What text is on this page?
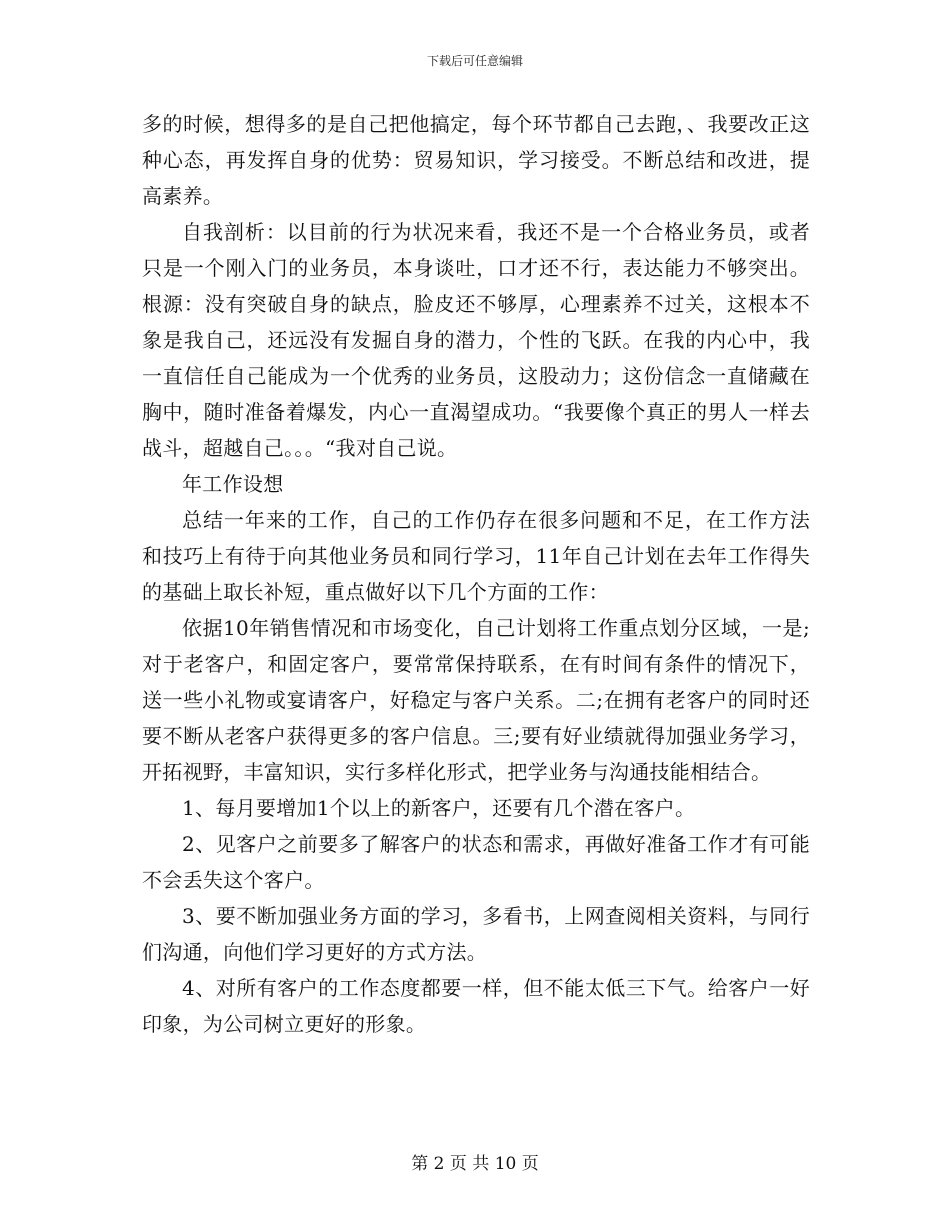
下载后可任意编辑

多的时候，想得多的是自己把他搞定，每个环节都自己去跑，、我要改正这种心态，再发挥自身的优势：贸易知识，学习接受。不断总结和改进，提高素养。

自我剖析：以目前的行为状况来看，我还不是一个合格业务员，或者只是一个刚入门的业务员，本身谈吐，口才还不行，表达能力不够突出。根源：没有突破自身的缺点，脸皮还不够厚，心理素养不过关，这根本不象是我自己，还远没有发掘自身的潜力，个性的飞跃。在我的内心中，我一直信任自己能成为一个优秀的业务员，这股动力；这份信念一直储藏在胸中，随时准备着爆发，内心一直渴望成功。“我要像个真正的男人一样去战斗，超越自己。。。“我对自己说。

年工作设想

总结一年来的工作，自己的工作仍存在很多问题和不足，在工作方法和技巧上有待于向其他业务员和同行学习，11年自己计划在去年工作得失的基础上取长补短，重点做好以下几个方面的工作：

依据10年销售情况和市场变化，自己计划将工作重点划分区域，一是;对于老客户，和固定客户，要常常保持联系，在有时间有条件的情况下，送一些小礼物或宴请客户，好稳定与客户关系。二;在拥有老客户的同时还要不断从老客户获得更多的客户信息。三;要有好业绩就得加强业务学习，开拓视野，丰富知识，实行多样化形式，把学业务与沟通技能相结合。

1、每月要增加1个以上的新客户，还要有几个潜在客户。

2、见客户之前要多了解客户的状态和需求，再做好准备工作才有可能不会丢失这个客户。

3、要不断加强业务方面的学习，多看书，上网查阅相关资料，与同行们沟通，向他们学习更好的方式方法。

4、对所有客户的工作态度都要一样，但不能太低三下气。给客户一好印象，为公司树立更好的形象。

第 2 页 共 10 页
